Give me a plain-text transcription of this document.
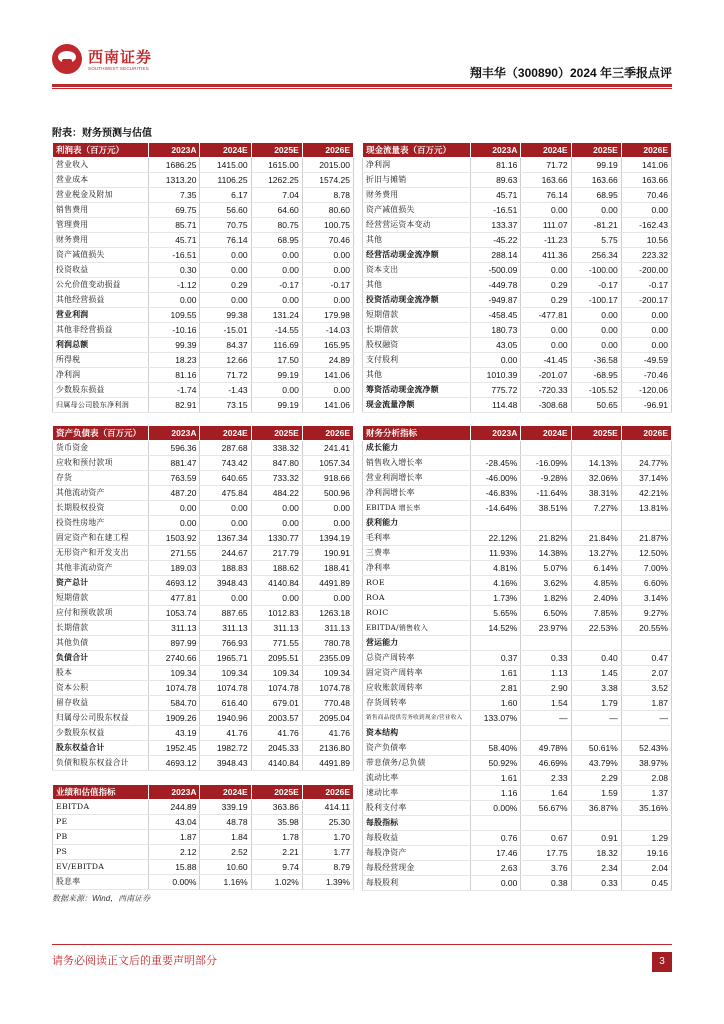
西南证券
SOUTHWEST SECURITIES	翔丰华（300890）2024 年三季报点评
附表：财务预测与估值
利润表（百万元）	2023A	2024E	2025E	2026E
营业收入	1686.25	1415.00	1615.00	2015.00
营业成本	1313.20	1106.25	1262.25	1574.25
营业税金及附加	7.35	6.17	7.04	8.78
销售费用	69.75	56.60	64.60	80.60
管理费用	85.71	70.75	80.75	100.75
财务费用	45.71	76.14	68.95	70.46
资产减值损失	-16.51	0.00	0.00	0.00
投资收益	0.30	0.00	0.00	0.00
公允价值变动损益	-1.12	0.29	-0.17	-0.17
其他经营损益	0.00	0.00	0.00	0.00
营业利润	109.55	99.38	131.24	179.98
其他非经营损益	-10.16	-15.01	-14.55	-14.03
利润总额	99.39	84.37	116.69	165.95
所得税	18.23	12.66	17.50	24.89
净利润	81.16	71.72	99.19	141.06
少数股东损益	-1.74	-1.43	0.00	0.00
归属母公司股东净利润	82.91	73.15	99.19	141.06
现金流量表（百万元）	2023A	2024E	2025E	2026E
净利润	81.16	71.72	99.19	141.06
折旧与摊销	89.63	163.66	163.66	163.66
财务费用	45.71	76.14	68.95	70.46
资产减值损失	-16.51	0.00	0.00	0.00
经营营运资本变动	133.37	111.07	-81.21	-162.43
其他	-45.22	-11.23	5.75	10.56
经营活动现金流净额	288.14	411.36	256.34	223.32
资本支出	-500.09	0.00	-100.00	-200.00
其他	-449.78	0.29	-0.17	-0.17
投资活动现金流净额	-949.87	0.29	-100.17	-200.17
短期借款	-458.45	-477.81	0.00	0.00
长期借款	180.73	0.00	0.00	0.00
股权融资	43.05	0.00	0.00	0.00
支付股利	0.00	-41.45	-36.58	-49.59
其他	1010.39	-201.07	-68.95	-70.46
筹资活动现金流净额	775.72	-720.33	-105.52	-120.06
现金流量净额	114.48	-308.68	50.65	-96.91
资产负债表（百万元）	2023A	2024E	2025E	2026E
货币资金	596.36	287.68	338.32	241.41
应收和预付款项	881.47	743.42	847.80	1057.34
存货	763.59	640.65	733.32	918.66
其他流动资产	487.20	475.84	484.22	500.96
长期股权投资	0.00	0.00	0.00	0.00
投资性房地产	0.00	0.00	0.00	0.00
固定资产和在建工程	1503.92	1367.34	1330.77	1394.19
无形资产和开发支出	271.55	244.67	217.79	190.91
其他非流动资产	189.03	188.83	188.62	188.41
资产总计	4693.12	3948.43	4140.84	4491.89
短期借款	477.81	0.00	0.00	0.00
应付和预收款项	1053.74	887.65	1012.83	1263.18
长期借款	311.13	311.13	311.13	311.13
其他负债	897.99	766.93	771.55	780.78
负债合计	2740.66	1965.71	2095.51	2355.09
股本	109.34	109.34	109.34	109.34
资本公积	1074.78	1074.78	1074.78	1074.78
留存收益	584.70	616.40	679.01	770.48
归属母公司股东权益	1909.26	1940.96	2003.57	2095.04
少数股东权益	43.19	41.76	41.76	41.76
股东权益合计	1952.45	1982.72	2045.33	2136.80
负债和股东权益合计	4693.12	3948.43	4140.84	4491.89
财务分析指标	2023A	2024E	2025E	2026E
成长能力				
销售收入增长率	-28.45%	-16.09%	14.13%	24.77%
营业利润增长率	-46.00%	-9.28%	32.06%	37.14%
净利润增长率	-46.83%	-11.64%	38.31%	42.21%
EBITDA 增长率	-14.64%	38.51%	7.27%	13.81%
获利能力				
毛利率	22.12%	21.82%	21.84%	21.87%
三费率	11.93%	14.38%	13.27%	12.50%
净利率	4.81%	5.07%	6.14%	7.00%
ROE	4.16%	3.62%	4.85%	6.60%
ROA	1.73%	1.82%	2.40%	3.14%
ROIC	5.65%	6.50%	7.85%	9.27%
EBITDA/销售收入	14.52%	23.97%	22.53%	20.55%
营运能力				
总资产周转率	0.37	0.33	0.40	0.47
固定资产周转率	1.61	1.13	1.45	2.07
应收账款周转率	2.81	2.90	3.38	3.52
存货周转率	1.60	1.54	1.79	1.87
销售商品提供劳务收到现金/营业收入	133.07%	—	—	—
资本结构				
资产负债率	58.40%	49.78%	50.61%	52.43%
带息债务/总负债	50.92%	46.69%	43.79%	38.97%
流动比率	1.61	2.33	2.29	2.08
速动比率	1.16	1.64	1.59	1.37
股利支付率	0.00%	56.67%	36.87%	35.16%
每股指标				
每股收益	0.76	0.67	0.91	1.29
每股净资产	17.46	17.75	18.32	19.16
每股经营现金	2.63	3.76	2.34	2.04
每股股利	0.00	0.38	0.33	0.45
业绩和估值指标	2023A	2024E	2025E	2026E
EBITDA	244.89	339.19	363.86	414.11
PE	43.04	48.78	35.98	25.30
PB	1.87	1.84	1.78	1.70
PS	2.12	2.52	2.21	1.77
EV/EBITDA	15.88	10.60	9.74	8.79
股息率	0.00%	1.16%	1.02%	1.39%
数据来源：Wind，西南证券
请务必阅读正文后的重要声明部分	3
